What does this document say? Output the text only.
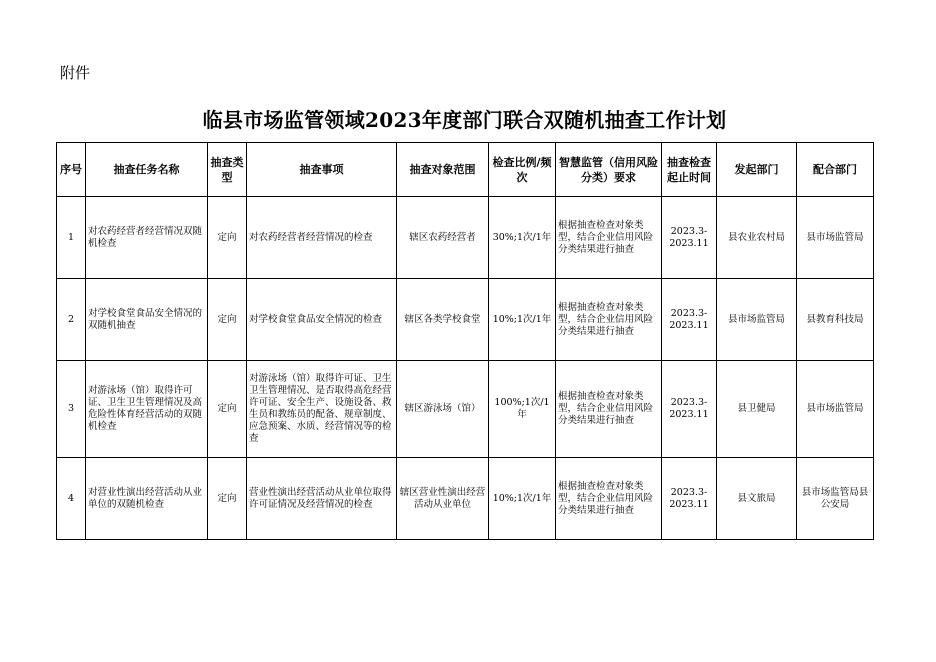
附件
临县市场监管领域2023年度部门联合双随机抽查工作计划
序号	抽查任务名称	抽查类型	抽查事项	抽查对象范围	检查比例/频次	智慧监管（信用风险分类）要求	抽查检查起止时间	发起部门	配合部门
1	对农药经营者经营情况双随机检查	定向	对农药经营者经营情况的检查	辖区农药经营者	30%;1次/1年	根据抽查检查对象类型，结合企业信用风险分类结果进行抽查	2023.3-2023.11	县农业农村局	县市场监管局
2	对学校食堂食品安全情况的双随机抽查	定向	对学校食堂食品安全情况的检查	辖区各类学校食堂	10%;1次/1年	根据抽查检查对象类型，结合企业信用风险分类结果进行抽查	2023.3-2023.11	县市场监管局	县教育科技局
3	对游泳场（馆）取得许可证、卫生卫生管理情况及高危险性体育经营活动的双随机检查	定向	对游泳场（馆）取得许可证、卫生卫生管理情况、是否取得高危经营许可证、安全生产、设施设备、救生员和教练员的配备、规章制度、应急预案、水质、经营情况等的检查	辖区游泳场（馆）	100%;1次/1年	根据抽查检查对象类型，结合企业信用风险分类结果进行抽查	2023.3-2023.11	县卫健局	县市场监管局
4	对营业性演出经营活动从业单位的双随机检查	定向	营业性演出经营活动从业单位取得许可证情况及经营情况的检查	辖区营业性演出经营活动从业单位	10%;1次/1年	根据抽查检查对象类型，结合企业信用风险分类结果进行抽查	2023.3-2023.11	县文旅局	县市场监管局县公安局
